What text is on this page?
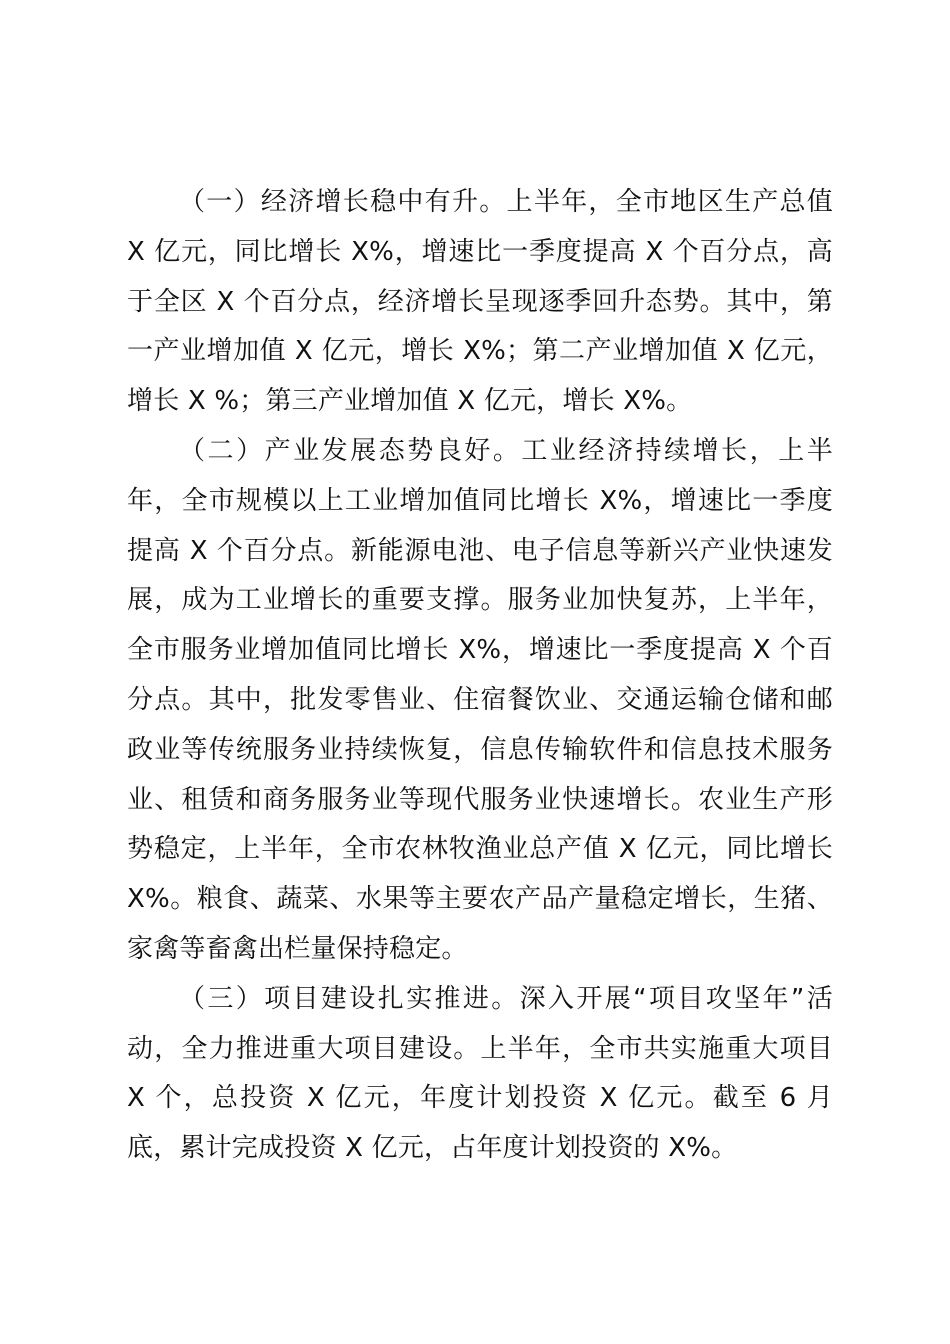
（一）经济增长稳中有升。上半年，全市地区生产总值 X 亿元，同比增长 X%，增速比一季度提高 X 个百分点，高于全区 X 个百分点，经济增长呈现逐季回升态势。其中，第一产业增加值 X 亿元，增长 X%；第二产业增加值 X 亿元，增长 X %；第三产业增加值 X 亿元，增长 X%。

（二）产业发展态势良好。工业经济持续增长，上半年，全市规模以上工业增加值同比增长 X%，增速比一季度提高 X 个百分点。新能源电池、电子信息等新兴产业快速发展，成为工业增长的重要支撑。服务业加快复苏，上半年，全市服务业增加值同比增长 X%，增速比一季度提高 X 个百分点。其中，批发零售业、住宿餐饮业、交通运输仓储和邮政业等传统服务业持续恢复，信息传输软件和信息技术服务业、租赁和商务服务业等现代服务业快速增长。农业生产形势稳定，上半年，全市农林牧渔业总产值 X 亿元，同比增长 X%。粮食、蔬菜、水果等主要农产品产量稳定增长，生猪、家禽等畜禽出栏量保持稳定。

（三）项目建设扎实推进。深入开展“项目攻坚年”活动，全力推进重大项目建设。上半年，全市共实施重大项目 X 个，总投资 X 亿元，年度计划投资 X 亿元。截至 6 月底，累计完成投资 X 亿元，占年度计划投资的 X%。
